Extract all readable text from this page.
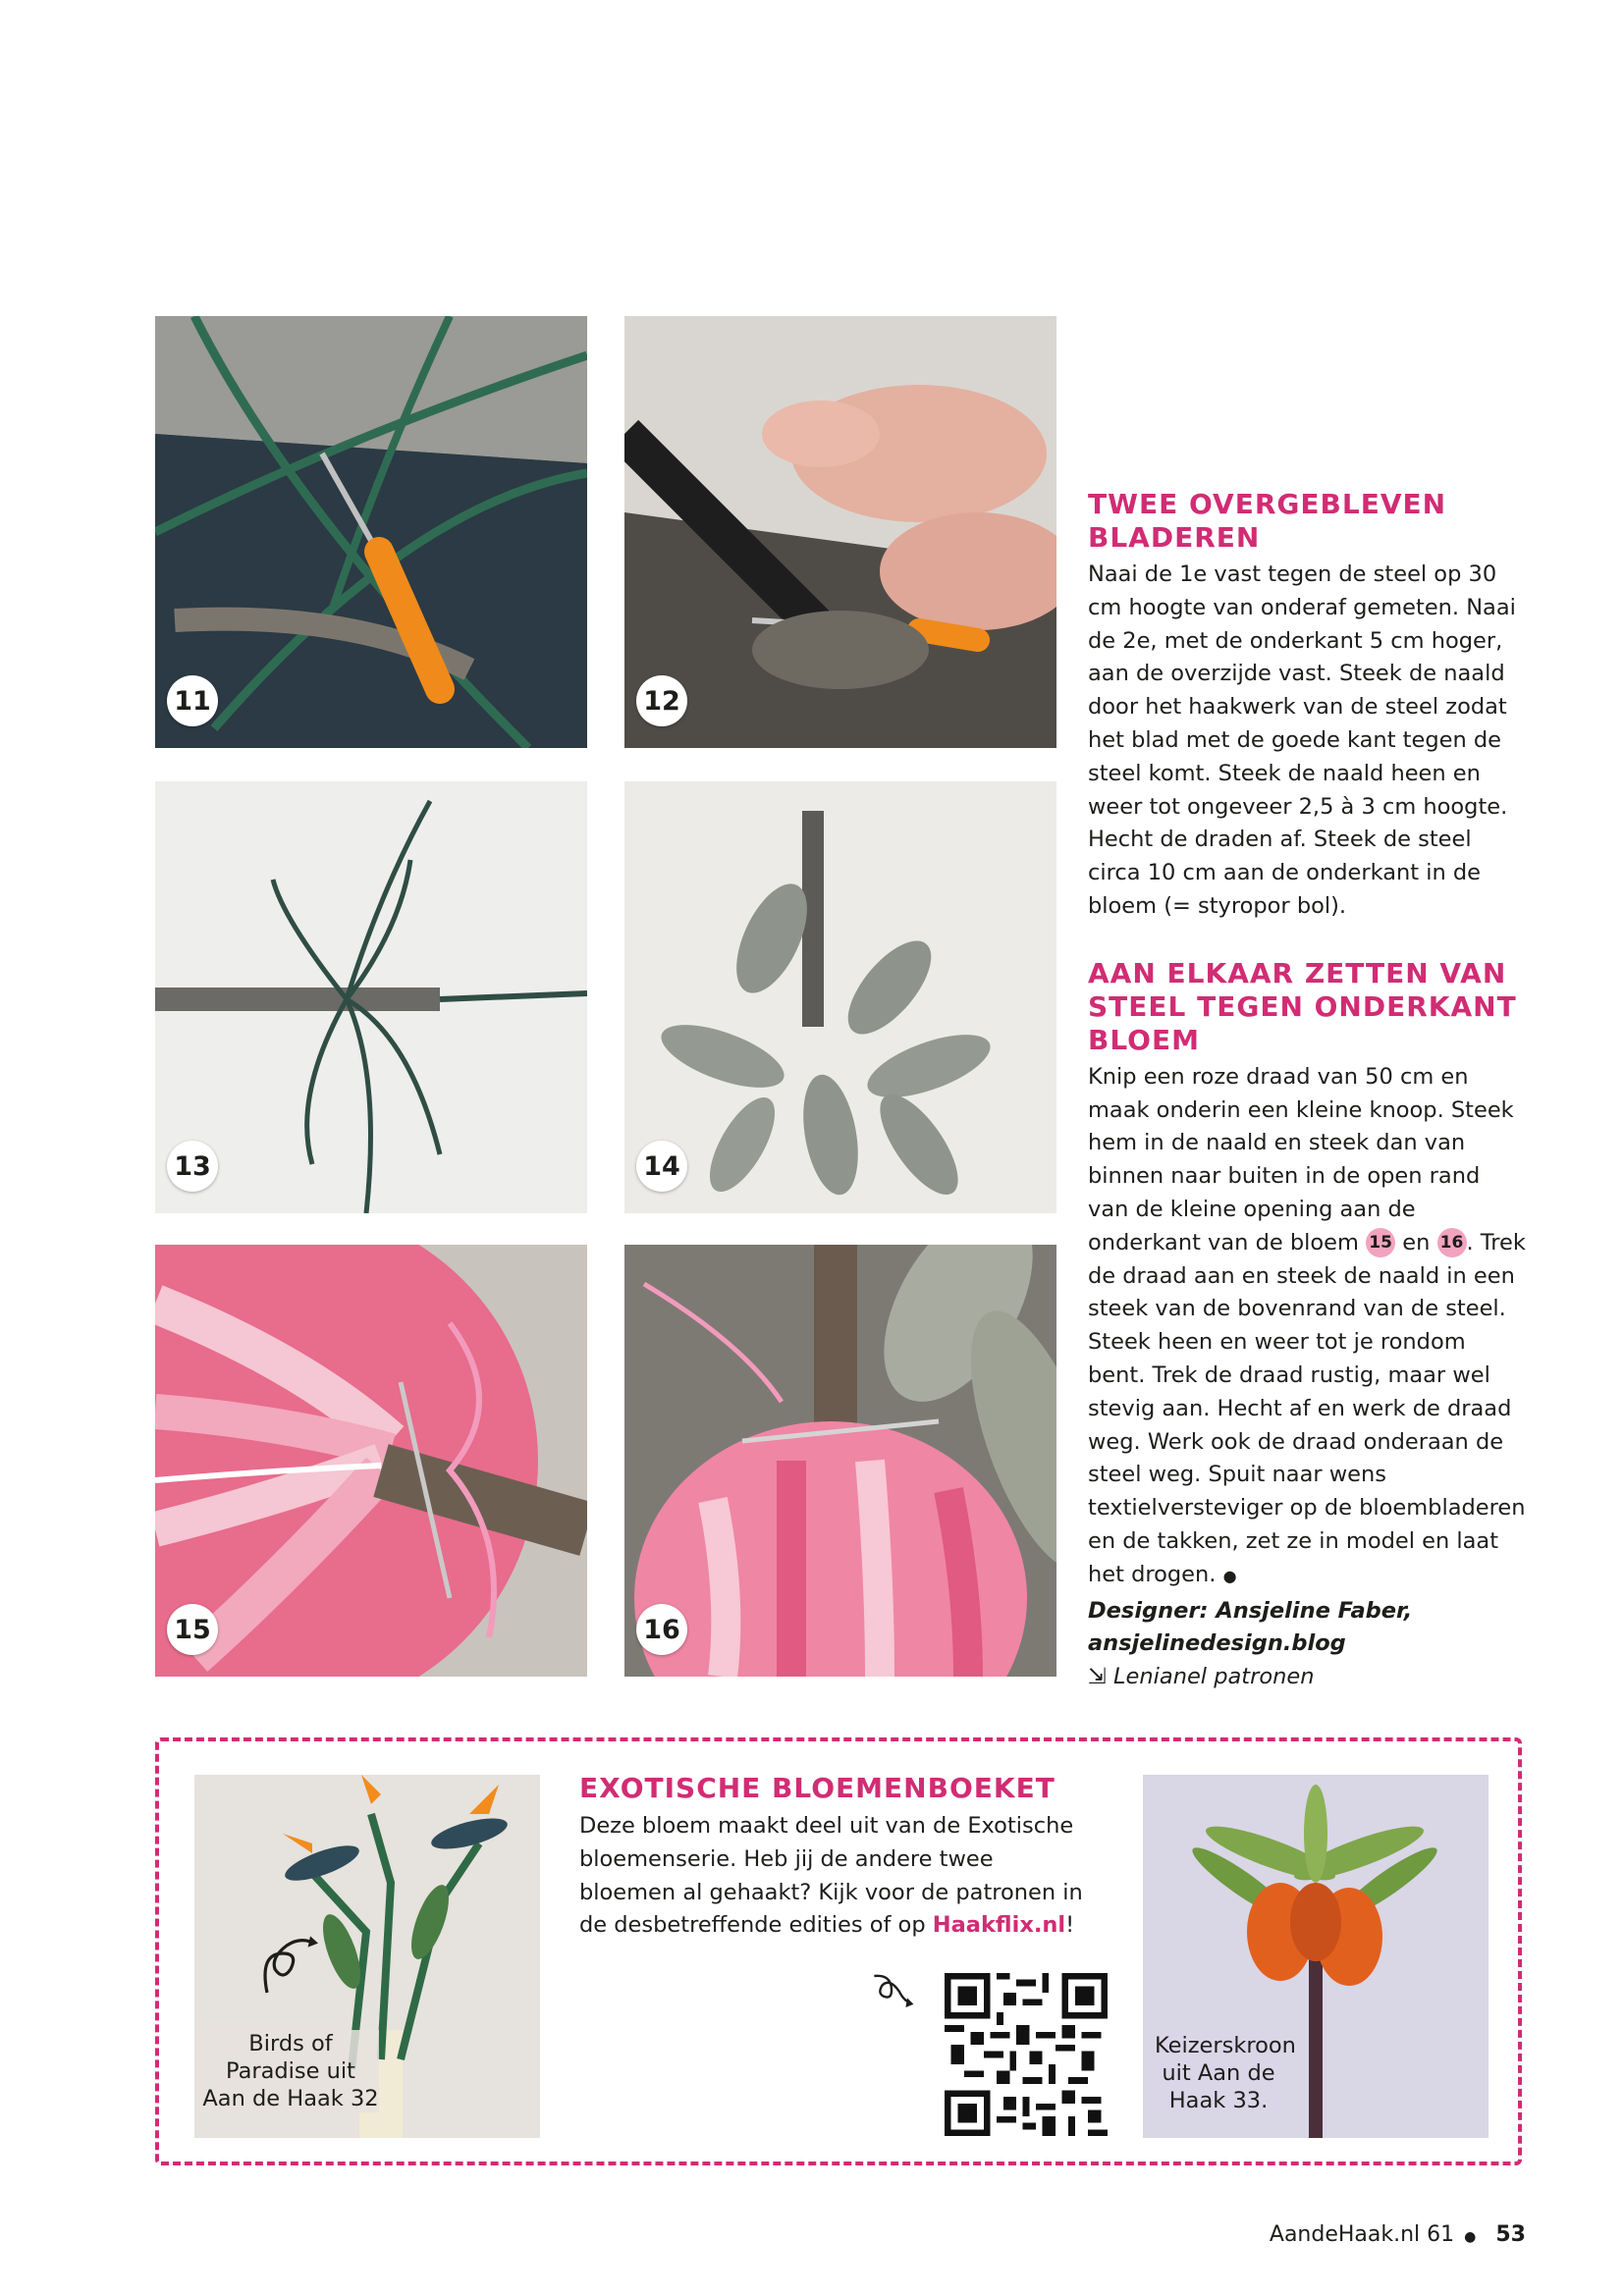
11	12
13	14
15	16
TWEE OVERGEBLEVEN BLADEREN

Naai de 1e vast tegen de steel op 30 cm hoogte van onderaf gemeten. Naai de 2e, met de onderkant 5 cm hoger, aan de overzijde vast. Steek de naald door het haakwerk van de steel zodat het blad met de goede kant tegen de steel komt. Steek de naald heen en weer tot ongeveer 2,5 à 3 cm hoogte. Hecht de draden af. Steek de steel circa 10 cm aan de onderkant in de bloem (= styropor bol).

AAN ELKAAR ZETTEN VAN STEEL TEGEN ONDERKANT BLOEM

Knip een roze draad van 50 cm en maak onderin een kleine knoop. Steek hem in de naald en steek dan van binnen naar buiten in de open rand van de kleine opening aan de onderkant van de bloem 15 en 16 . Trek de draad aan en steek de naald in een steek van de bovenrand van de steel. Steek heen en weer tot je rondom bent. Trek de draad rustig, maar wel stevig aan. Hecht af en werk de draad weg. Werk ook de draad onderaan de steel weg. Spuit naar wens textielversteviger op de bloembladeren en de takken, zet ze in model en laat het drogen. ●

Designer: Ansjeline Faber, ansjelinedesign.blog

⇲ Lenianel patronen

Birds of Paradise uit Aan de Haak 32
EXOTISCHE BLOEMENBOEKET

Deze bloem maakt deel uit van de Exotische bloemenserie. Heb jij de andere twee bloemen al gehaakt? Kijk voor de patronen in de desbetreffende edities of op Haakflix.nl!

Keizerskroon uit Aan de Haak 33.
AandeHaak.nl 61 ● 53
